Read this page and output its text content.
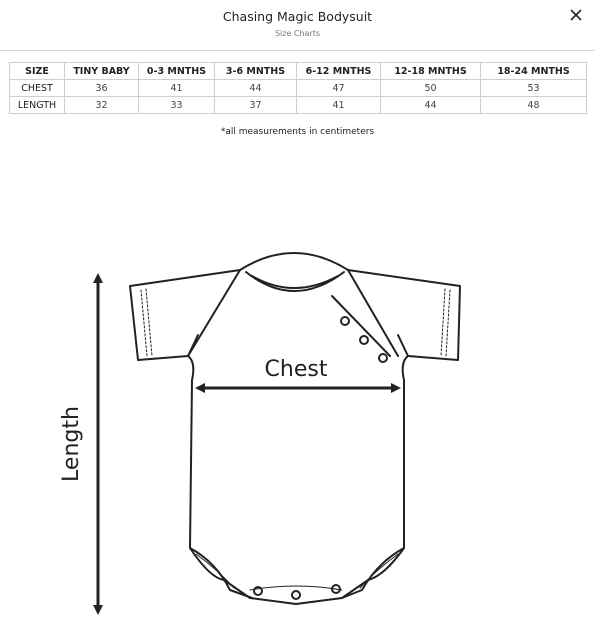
Chasing Magic Bodysuit
Size Charts
SIZE	TINY BABY	0-3 MNTHS	3-6 MNTHS	6-12 MNTHS	12-18 MNTHS	18-24 MNTHS
CHEST	36	41	44	47	50	53
LENGTH	32	33	37	41	44	48
*all measurements in centimeters
Length
Chest
